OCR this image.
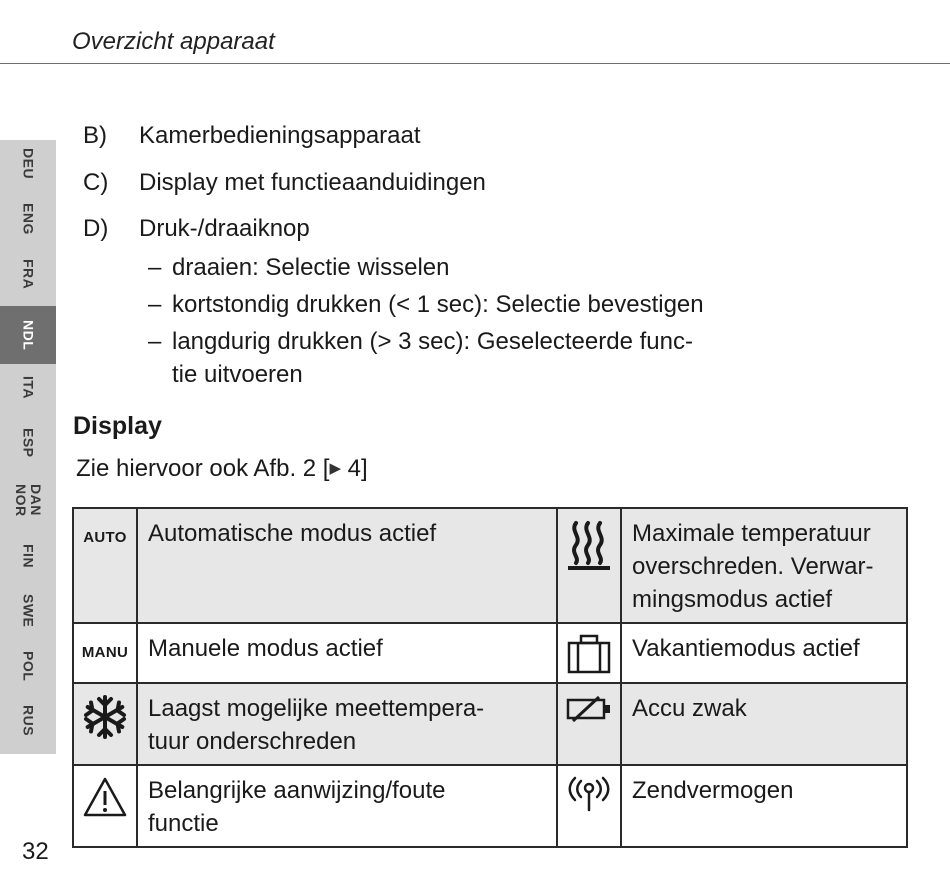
Overzicht apparaat
DEU
ENG
FRA
NDL
ITA
ESP
DAN
NOR
FIN
SWE
POL
RUS
B) Kamerbedieningsapparaat
C) Display met functieaanduidingen
D) Druk-/draaiknop
– draaien: Selectie wisselen
– kortstondig drukken (< 1 sec): Selectie bevestigen
– langdurig drukken (> 3 sec): Geselecteerde func-
tie uitvoeren
Display
Zie hiervoor ook Afb. 2 [▶ 4]
AUTO	Automatische modus actief		Maximale temperatuur
overschreden. Verwar-
mingsmodus actief

MANU	Manuele modus actief		Vakantiemodus actief
	Laagst mogelijke meettempera-
tuur onderschreden		Accu zwak
	Belangrijke aanwijzing/foute
functie		Zendvermogen
32
